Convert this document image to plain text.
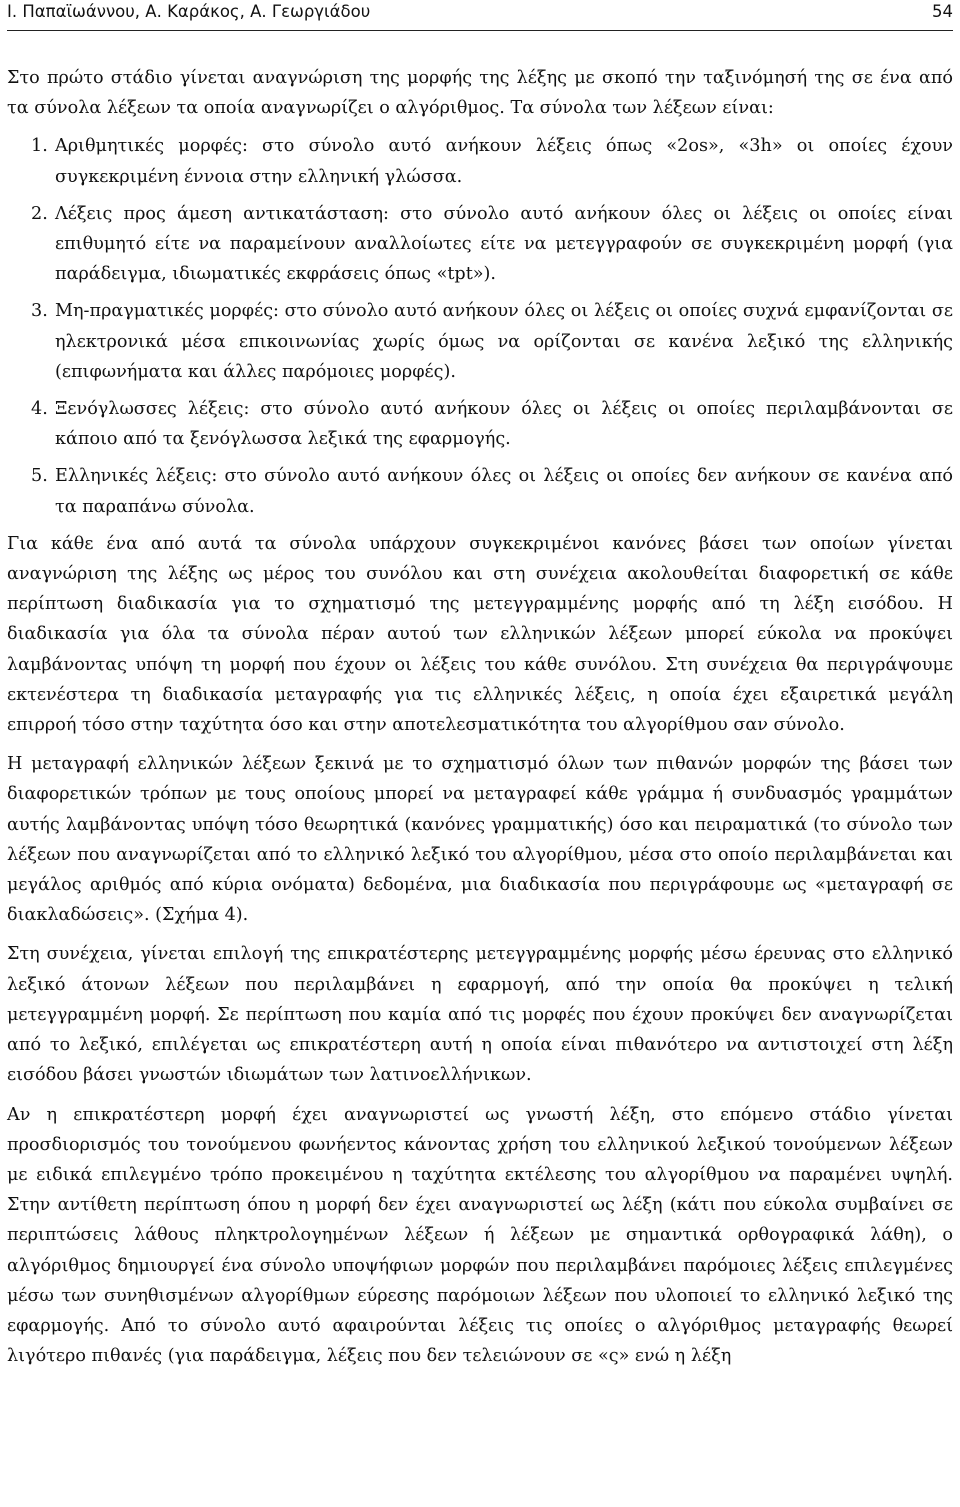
Ι. Παπαϊωάννου, Α. Καράκος, Α. Γεωργιάδου	54

Στο πρώτο στάδιο γίνεται αναγνώριση της μορφής της λέξης με σκοπό την ταξινόμησή της σε ένα από τα σύνολα λέξεων τα οποία αναγνωρίζει ο αλγόριθμος. Τα σύνολα των λέξεων είναι:

1. Αριθμητικές μορφές: στο σύνολο αυτό ανήκουν λέξεις όπως «2os», «3h» οι οποίες έχουν συγκεκριμένη έννοια στην ελληνική γλώσσα.

2. Λέξεις προς άμεση αντικατάσταση: στο σύνολο αυτό ανήκουν όλες οι λέξεις οι οποίες είναι επιθυμητό είτε να παραμείνουν αναλλοίωτες είτε να μετεγγραφούν σε συγκεκριμένη μορφή (για παράδειγμα, ιδιωματικές εκφράσεις όπως «tpt»).

3. Μη-πραγματικές μορφές: στο σύνολο αυτό ανήκουν όλες οι λέξεις οι οποίες συχνά εμφανίζονται σε ηλεκτρονικά μέσα επικοινωνίας χωρίς όμως να ορίζονται σε κανένα λεξικό της ελληνικής (επιφωνήματα και άλλες παρόμοιες μορφές).

4. Ξενόγλωσσες λέξεις: στο σύνολο αυτό ανήκουν όλες οι λέξεις οι οποίες περιλαμβάνονται σε κάποιο από τα ξενόγλωσσα λεξικά της εφαρμογής.

5. Ελληνικές λέξεις: στο σύνολο αυτό ανήκουν όλες οι λέξεις οι οποίες δεν ανήκουν σε κανένα από τα παραπάνω σύνολα.

Για κάθε ένα από αυτά τα σύνολα υπάρχουν συγκεκριμένοι κανόνες βάσει των οποίων γίνεται αναγνώριση της λέξης ως μέρος του συνόλου και στη συνέχεια ακολουθείται διαφορετική σε κάθε περίπτωση διαδικασία για το σχηματισμό της μετεγγραμμένης μορφής από τη λέξη εισόδου. Η διαδικασία για όλα τα σύνολα πέραν αυτού των ελληνικών λέξεων μπορεί εύκολα να προκύψει λαμβάνοντας υπόψη τη μορφή που έχουν οι λέξεις του κάθε συνόλου. Στη συνέχεια θα περιγράψουμε εκτενέστερα τη διαδικασία μεταγραφής για τις ελληνικές λέξεις, η οποία έχει εξαιρετικά μεγάλη επιρροή τόσο στην ταχύτητα όσο και στην αποτελεσματικότητα του αλγορίθμου σαν σύνολο.

Η μεταγραφή ελληνικών λέξεων ξεκινά με το σχηματισμό όλων των πιθανών μορφών της βάσει των διαφορετικών τρόπων με τους οποίους μπορεί να μεταγραφεί κάθε γράμμα ή συνδυασμός γραμμάτων αυτής λαμβάνοντας υπόψη τόσο θεωρητικά (κανόνες γραμματικής) όσο και πειραματικά (το σύνολο των λέξεων που αναγνωρίζεται από το ελληνικό λεξικό του αλγορίθμου, μέσα στο οποίο περιλαμβάνεται και μεγάλος αριθμός από κύρια ονόματα) δεδομένα, μια διαδικασία που περιγράφουμε ως «μεταγραφή σε διακλαδώσεις». (Σχήμα 4).

Στη συνέχεια, γίνεται επιλογή της επικρατέστερης μετεγγραμμένης μορφής μέσω έρευνας στο ελληνικό λεξικό άτονων λέξεων που περιλαμβάνει η εφαρμογή, από την οποία θα προκύψει η τελική μετεγγραμμένη μορφή. Σε περίπτωση που καμία από τις μορφές που έχουν προκύψει δεν αναγνωρίζεται από το λεξικό, επιλέγεται ως επικρατέστερη αυτή η οποία είναι πιθανότερο να αντιστοιχεί στη λέξη εισόδου βάσει γνωστών ιδιωμάτων των λατινοελλήνικων.

Αν η επικρατέστερη μορφή έχει αναγνωριστεί ως γνωστή λέξη, στο επόμενο στάδιο γίνεται προσδιορισμός του τονούμενου φωνήεντος κάνοντας χρήση του ελληνικού λεξικού τονούμενων λέξεων με ειδικά επιλεγμένο τρόπο προκειμένου η ταχύτητα εκτέλεσης του αλγορίθμου να παραμένει υψηλή. Στην αντίθετη περίπτωση όπου η μορφή δεν έχει αναγνωριστεί ως λέξη (κάτι που εύκολα συμβαίνει σε περιπτώσεις λάθους πληκτρολογημένων λέξεων ή λέξεων με σημαντικά ορθογραφικά λάθη), ο αλγόριθμος δημιουργεί ένα σύνολο υποψήφιων μορφών που περιλαμβάνει παρόμοιες λέξεις επιλεγμένες μέσω των συνηθισμένων αλγορίθμων εύρεσης παρόμοιων λέξεων που υλοποιεί το ελληνικό λεξικό της εφαρμογής. Από το σύνολο αυτό αφαιρούνται λέξεις τις οποίες ο αλγόριθμος μεταγραφής θεωρεί λιγότερο πιθανές (για παράδειγμα, λέξεις που δεν τελειώνουν σε «ς» ενώ η λέξη
